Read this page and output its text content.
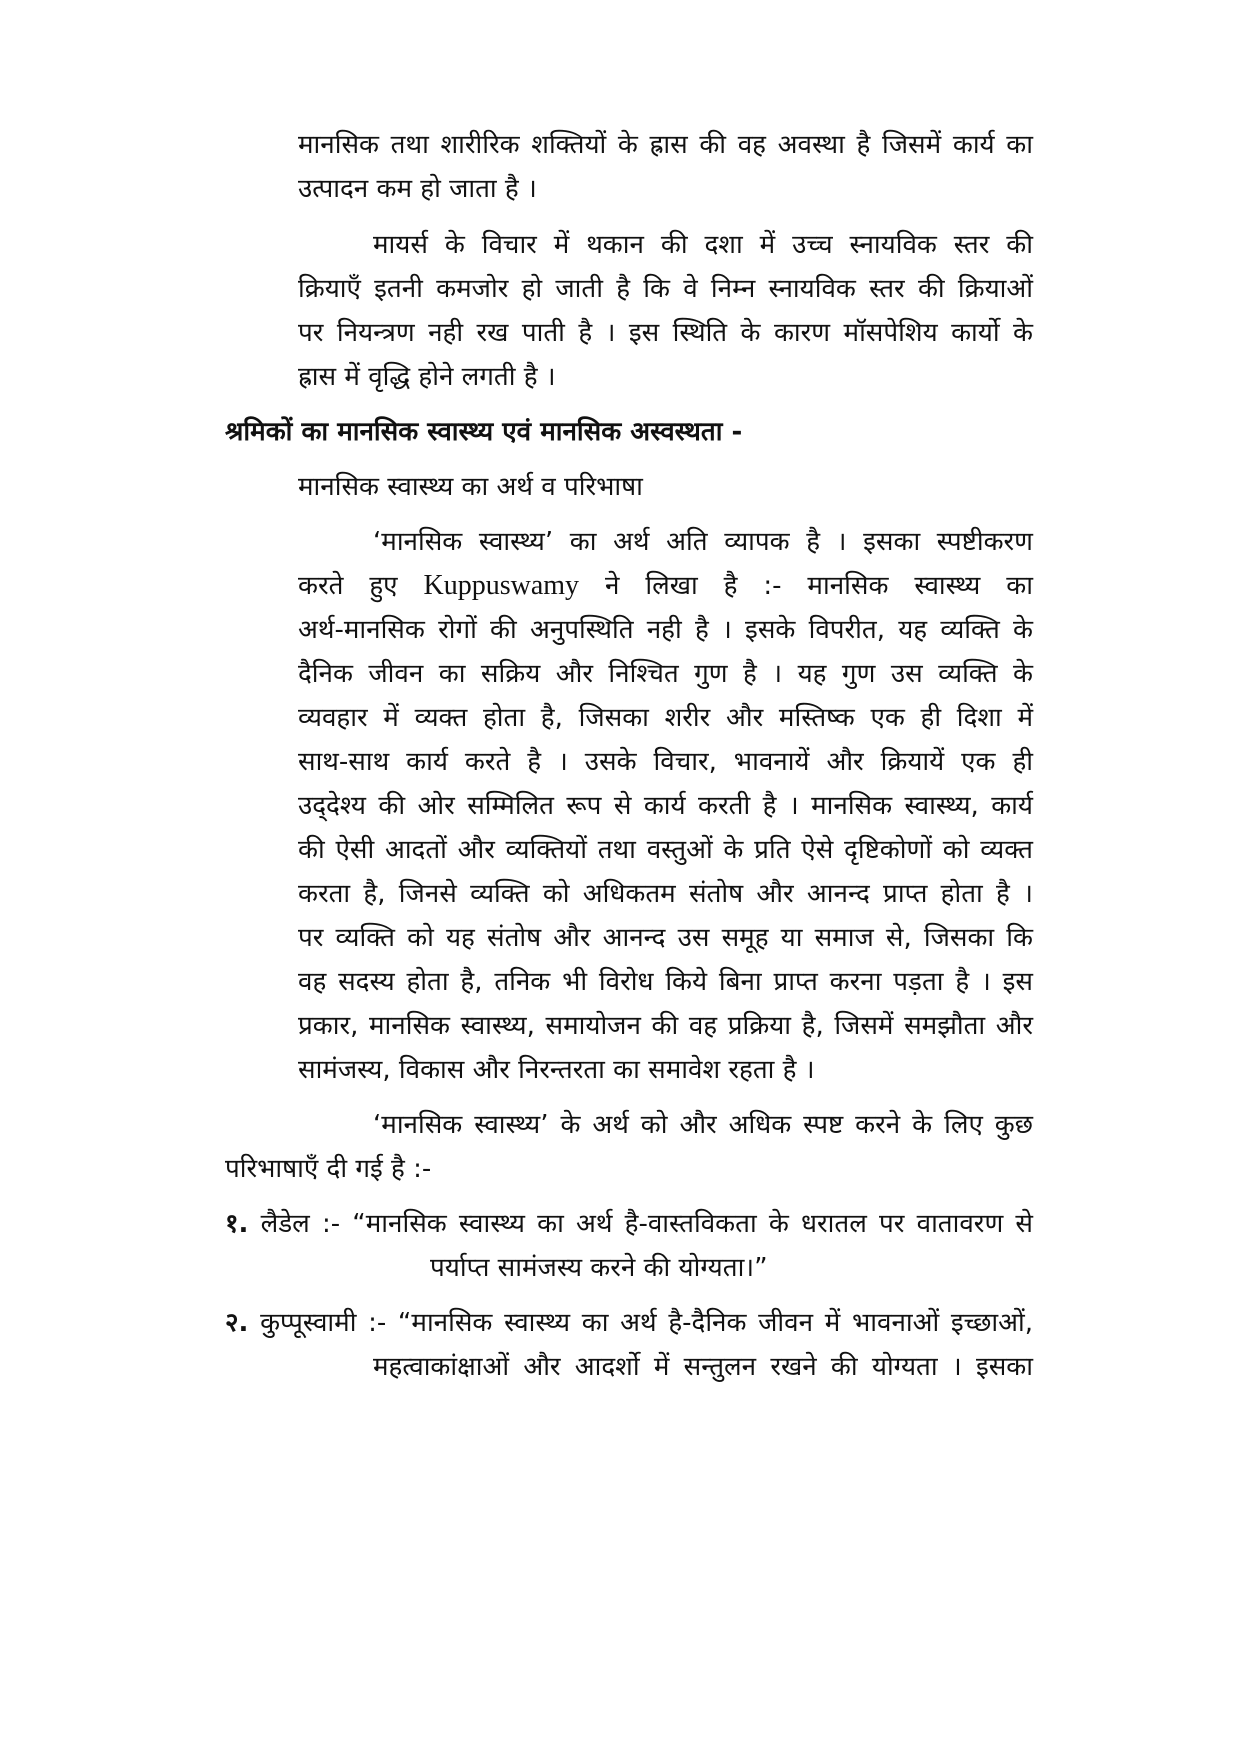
मानसिक तथा शारीरिक शक्तियों के ह्रास की वह अवस्था है जिसमें कार्य का
उत्पादन कम हो जाता है ।
मायर्स के विचार में थकान की दशा में उच्च स्नायविक स्तर की
क्रियाऍं इतनी कमजोर हो जाती है कि वे निम्न स्नायविक स्तर की क्रियाओं
पर नियन्त्रण नही रख पाती है । इस स्थिति के कारण मॉसपेशिय कार्यो के
ह्रास में वृद्धि होने लगती है ।
श्रमिकों का मानसिक स्वास्थ्य एवं मानसिक अस्वस्थता -
मानसिक स्वास्थ्य का अर्थ व परिभाषा
‘मानसिक स्वास्थ्य’ का अर्थ अति व्यापक है । इसका स्पष्टीकरण
करते हुए Kuppuswamy ने लिखा है :- मानसिक स्वास्थ्य का
अर्थ-मानसिक रोगों की अनुपस्थिति नही है । इसके विपरीत, यह व्यक्ति के
दैनिक जीवन का सक्रिय और निश्चित गुण है । यह गुण उस व्यक्ति के
व्यवहार में व्यक्त होता है, जिसका शरीर और मस्तिष्क एक ही दिशा में
साथ-साथ कार्य करते है । उसके विचार, भावनायें और क्रियायें एक ही
उद्‌देश्य की ओर सम्मिलित रूप से कार्य करती है । मानसिक स्वास्थ्य, कार्य
की ऐसी आदतों और व्यक्तियों तथा वस्तुओं के प्रति ऐसे दृष्टिकोणों को व्यक्त
करता है, जिनसे व्यक्ति को अधिकतम संतोष और आनन्द प्राप्त होता है ।
पर व्यक्ति को यह संतोष और आनन्द उस समूह या समाज से, जिसका कि
वह सदस्य होता है, तनिक भी विरोध किये बिना प्राप्त करना पड़ता है । इस
प्रकार, मानसिक स्वास्थ्य, समायोजन की वह प्रक्रिया है, जिसमें समझौता और
सामंजस्य, विकास और निरन्तरता का समावेश रहता है ।
‘मानसिक स्वास्थ्य’ के अर्थ को और अधिक स्पष्ट करने के लिए कुछ
परिभाषाऍं दी गई है :-
१. लैडेल :- “मानसिक स्वास्थ्य का अर्थ है-वास्तविकता के धरातल पर वातावरण से
पर्याप्त सामंजस्य करने की योग्यता।”
२. कुप्पूस्वामी :- “मानसिक स्वास्थ्य का अर्थ है-दैनिक जीवन में भावनाओं इच्छाओं,
महत्वाकांक्षाओं और आदर्शो में सन्तुलन रखने की योग्यता । इसका
